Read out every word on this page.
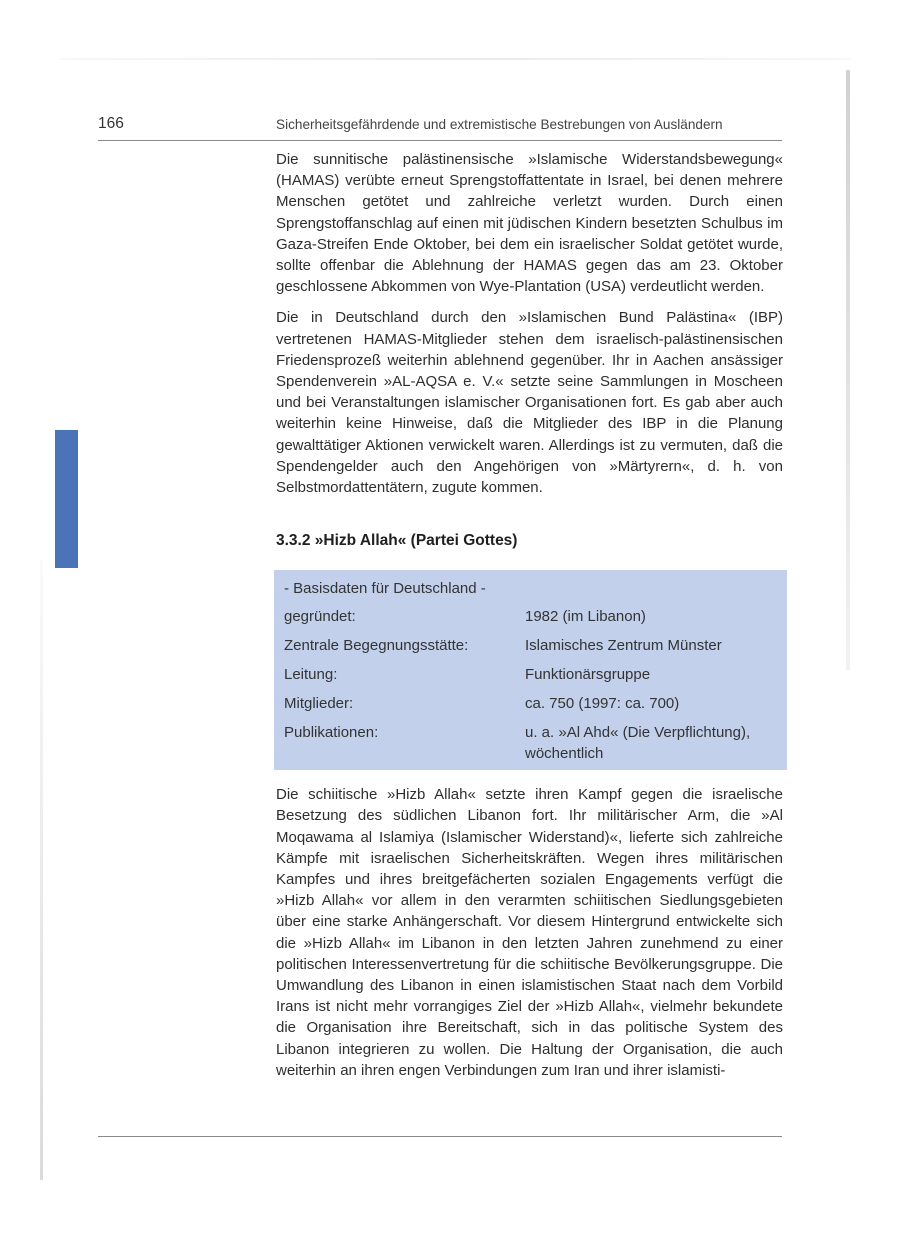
166	Sicherheitsgefährdende und extremistische Bestrebungen von Ausländern

Die sunnitische palästinensische »Islamische Widerstandsbewegung« (HAMAS) verübte erneut Sprengstoffattentate in Israel, bei denen mehrere Menschen getötet und zahlreiche verletzt wurden. Durch einen Sprengstoffanschlag auf einen mit jüdischen Kindern besetzten Schulbus im Gaza-Streifen Ende Oktober, bei dem ein israelischer Soldat getötet wurde, sollte offenbar die Ablehnung der HAMAS gegen das am 23. Oktober geschlossene Abkommen von Wye-Plantation (USA) verdeutlicht werden.

Die in Deutschland durch den »Islamischen Bund Palästina« (IBP) vertretenen HAMAS-Mitglieder stehen dem israelisch-palästinensischen Friedensprozeß weiterhin ablehnend gegenüber. Ihr in Aachen ansässiger Spendenverein »AL-AQSA e. V.« setzte seine Sammlungen in Moscheen und bei Veranstaltungen islamischer Organisationen fort. Es gab aber auch weiterhin keine Hinweise, daß die Mitglieder des IBP in die Planung gewalttätiger Aktionen verwickelt waren. Allerdings ist zu vermuten, daß die Spendengelder auch den Angehörigen von »Märtyrern«, d. h. von Selbstmordattentätern, zugute kommen.

3.3.2 »Hizb Allah« (Partei Gottes)
- Basisdaten für Deutschland -
gegründet:	1982 (im Libanon)
Zentrale Begegnungsstätte:	Islamisches Zentrum Münster
Leitung:	Funktionärsgruppe
Mitglieder:	ca. 750 (1997: ca. 700)
Publikationen:	u. a. »Al Ahd« (Die Verpflichtung), wöchentlich

Die schiitische »Hizb Allah« setzte ihren Kampf gegen die israelische Besetzung des südlichen Libanon fort. Ihr militärischer Arm, die »Al Moqawama al Islamiya (Islamischer Widerstand)«, lieferte sich zahlreiche Kämpfe mit israelischen Sicherheitskräften. Wegen ihres militärischen Kampfes und ihres breitgefächerten sozialen Engagements verfügt die »Hizb Allah« vor allem in den verarmten schiitischen Siedlungsgebieten über eine starke Anhängerschaft. Vor diesem Hintergrund entwickelte sich die »Hizb Allah« im Libanon in den letzten Jahren zunehmend zu einer politischen Interessenvertretung für die schiitische Bevölkerungsgruppe. Die Umwandlung des Libanon in einen islamistischen Staat nach dem Vorbild Irans ist nicht mehr vorrangiges Ziel der »Hizb Allah«, vielmehr bekundete die Organisation ihre Bereitschaft, sich in das politische System des Libanon integrieren zu wollen. Die Haltung der Organisation, die auch weiterhin an ihren engen Verbindungen zum Iran und ihrer islamisti-
